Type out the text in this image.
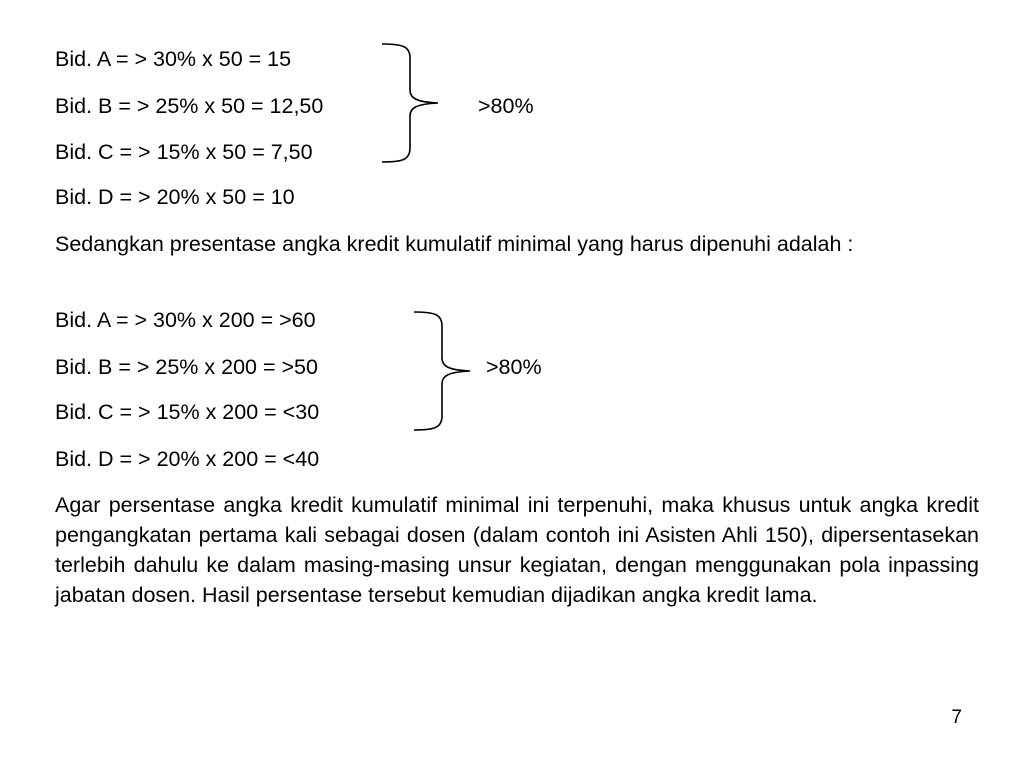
Bid. A = > 30% x 50 = 15
Bid. B = > 25% x 50 = 12,50
Bid. C = > 15% x 50 = 7,50
Bid. D = > 20% x 50 = 10
>80%
Sedangkan presentase angka kredit kumulatif minimal yang harus dipenuhi adalah :
Bid. A = > 30% x 200 = >60
Bid. B = > 25% x 200 = >50
Bid. C = > 15% x 200 = <30
Bid. D = > 20% x 200 = <40
>80%
Agar persentase angka kredit kumulatif minimal ini terpenuhi, maka khusus untuk angka kredit pengangkatan pertama kali sebagai dosen (dalam contoh ini Asisten Ahli 150), dipersentasekan terlebih dahulu ke dalam masing-masing unsur kegiatan, dengan menggunakan pola inpassing jabatan dosen. Hasil persentase tersebut kemudian dijadikan angka kredit lama.
7
